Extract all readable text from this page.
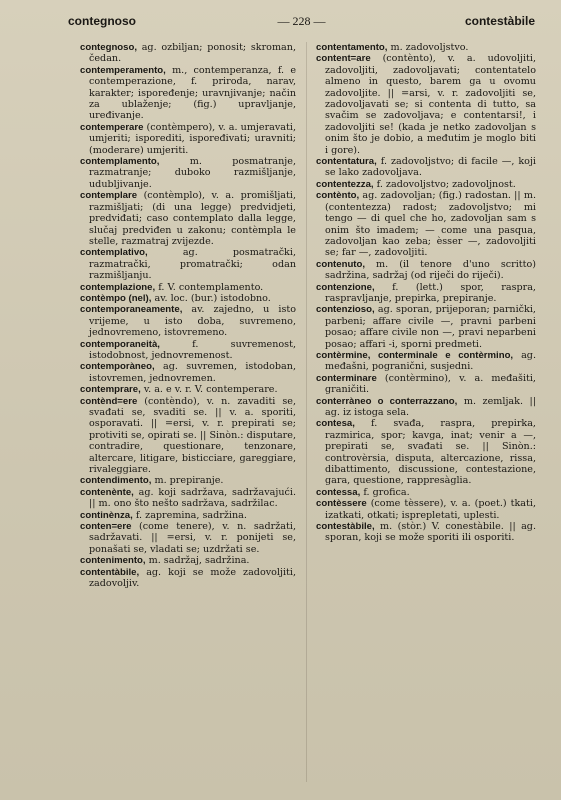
contegnoso	— 228 —	contestàbile
contegnoso, ag. ozbiljan; ponosit; skroman, čedan.
contemperamento, m., contemperanza, f. e contemperazione, f. priroda, narav, karakter; ispoređenje; uravnjivanje; način za ublaženje; (fig.) upravljanje, uređivanje.
contemperare (contèmpero), v. a. umjeravati, umjeriti; isporediti, ispoređivati; uravniti; (moderare) umjeriti.
contemplamento, m. posmatranje, razmatranje; duboko razmišljanje, udubljivanje.
contemplare (contèmplo), v. a. promišljati, razmišljati; (di una legge) predvidjeti, predviđati; caso contemplato dalla legge, slučaj predviđen u zakonu; contèmpla le stelle, razmatraj zvijezde.
contemplativo, ag. posmatrački, razmatrački, promatrački; odan razmišljanju.
contemplazione, f. V. contemplamento.
contèmpo (nel), av. loc. (bur.) istodobno.
contemporaneamente, av. zajedno, u isto vrijeme, u isto doba, suvremeno, jednovremeno, istovremeno.
contemporaneità, f. suvremenost, istodobnost, jednovremenost.
contemporàneo, ag. suvremen, istodoban, istovremen, jednovremen.
contemprare, v. a. e v. r. V. contemperare.
contènd=ere (contèndo), v. n. zavaditi se, svađati se, svaditi se. || v. a. sporiti, osporavati. || =ersi, v. r. prepirati se; protiviti se, opirati se. || Sinòn.: disputare, contradire, questionare, tenzonare, altercare, litigare, bisticciare, gareggiare, rivaleggiare.
contendimento, m. prepiranje.
contenènte, ag. koji sadržava, sadržavajući. || m. ono što nešto sadržava, sadržilac.
continènza, f. zapremina, sadržina.
conten=ere (come tenere), v. n. sadržati, sadržavati. || =ersi, v. r. ponijeti se, ponašati se, vladati se; uzdržati se.
contenimento, m. sadržaj, sadržina.
contentàbile, ag. koji se može zadovoljiti, zadovoljiv.
contentamento, m. zadovoljstvo.
content=are (contènto), v. a. udovoljiti, zadovoljiti, zadovoljavati; contentatelo almeno in questo, barem ga u ovomu zadovoljite. || =arsi, v. r. zadovoljiti se, zadovoljavati se; si contenta di tutto, sa svačim se zadovoljava; e contentarsi!, i zadovoljiti se! (kada je netko zadovoljan s onim što je dobio, a međutim je moglo biti i gore).
contentatura, f. zadovoljstvo; di facile —, koji se lako zadovoljava.
contentezza, f. zadovoljstvo; zadovoljnost.
contènto, ag. zadovoljan; (fig.) radostan. || m. (contentezza) radost; zadovoljstvo; mi tengo — di quel che ho, zadovoljan sam s onim što imadem; — come una pasqua, zadovoljan kao zeba; èsser —, zadovoljiti se; far —, zadovoljiti.
contenuto, m. (il tenore d'uno scritto) sadržina, sadržaj (od riječi do riječi).
contenzione, f. (lett.) spor, raspra, raspravljanje, prepirka, prepiranje.
contenzioso, ag. sporan, prijeporan; parnički, parbeni; affare civile —, pravni parbeni posao; affare civile non —, pravi neparbeni posao; affari -i, sporni predmeti.
contèrmine, conterminale e contèrmino, ag. međašni, pogranični, susjedni.
conterminare (contèrmino), v. a. međašiti, graničiti.
conterràneo o conterrazzano, m. zemljak. || ag. iz istoga sela.
contesa, f. svađa, raspra, prepirka, razmirica, spor; kavga, inat; venir a —, prepirati se, svađati se. || Sinòn.: controvèrsia, disputa, altercazione, rissa, dibattimento, discussione, contestazione, gara, questione, rappresàglia.
contessa, f. grofica.
contèssere (come tèssere), v. a. (poet.) tkati, izatkati, otkati; isprepletati, uplesti.
contestàbile, m. (stòr.) V. conestàbile. || ag. sporan, koji se može sporiti ili osporiti.
